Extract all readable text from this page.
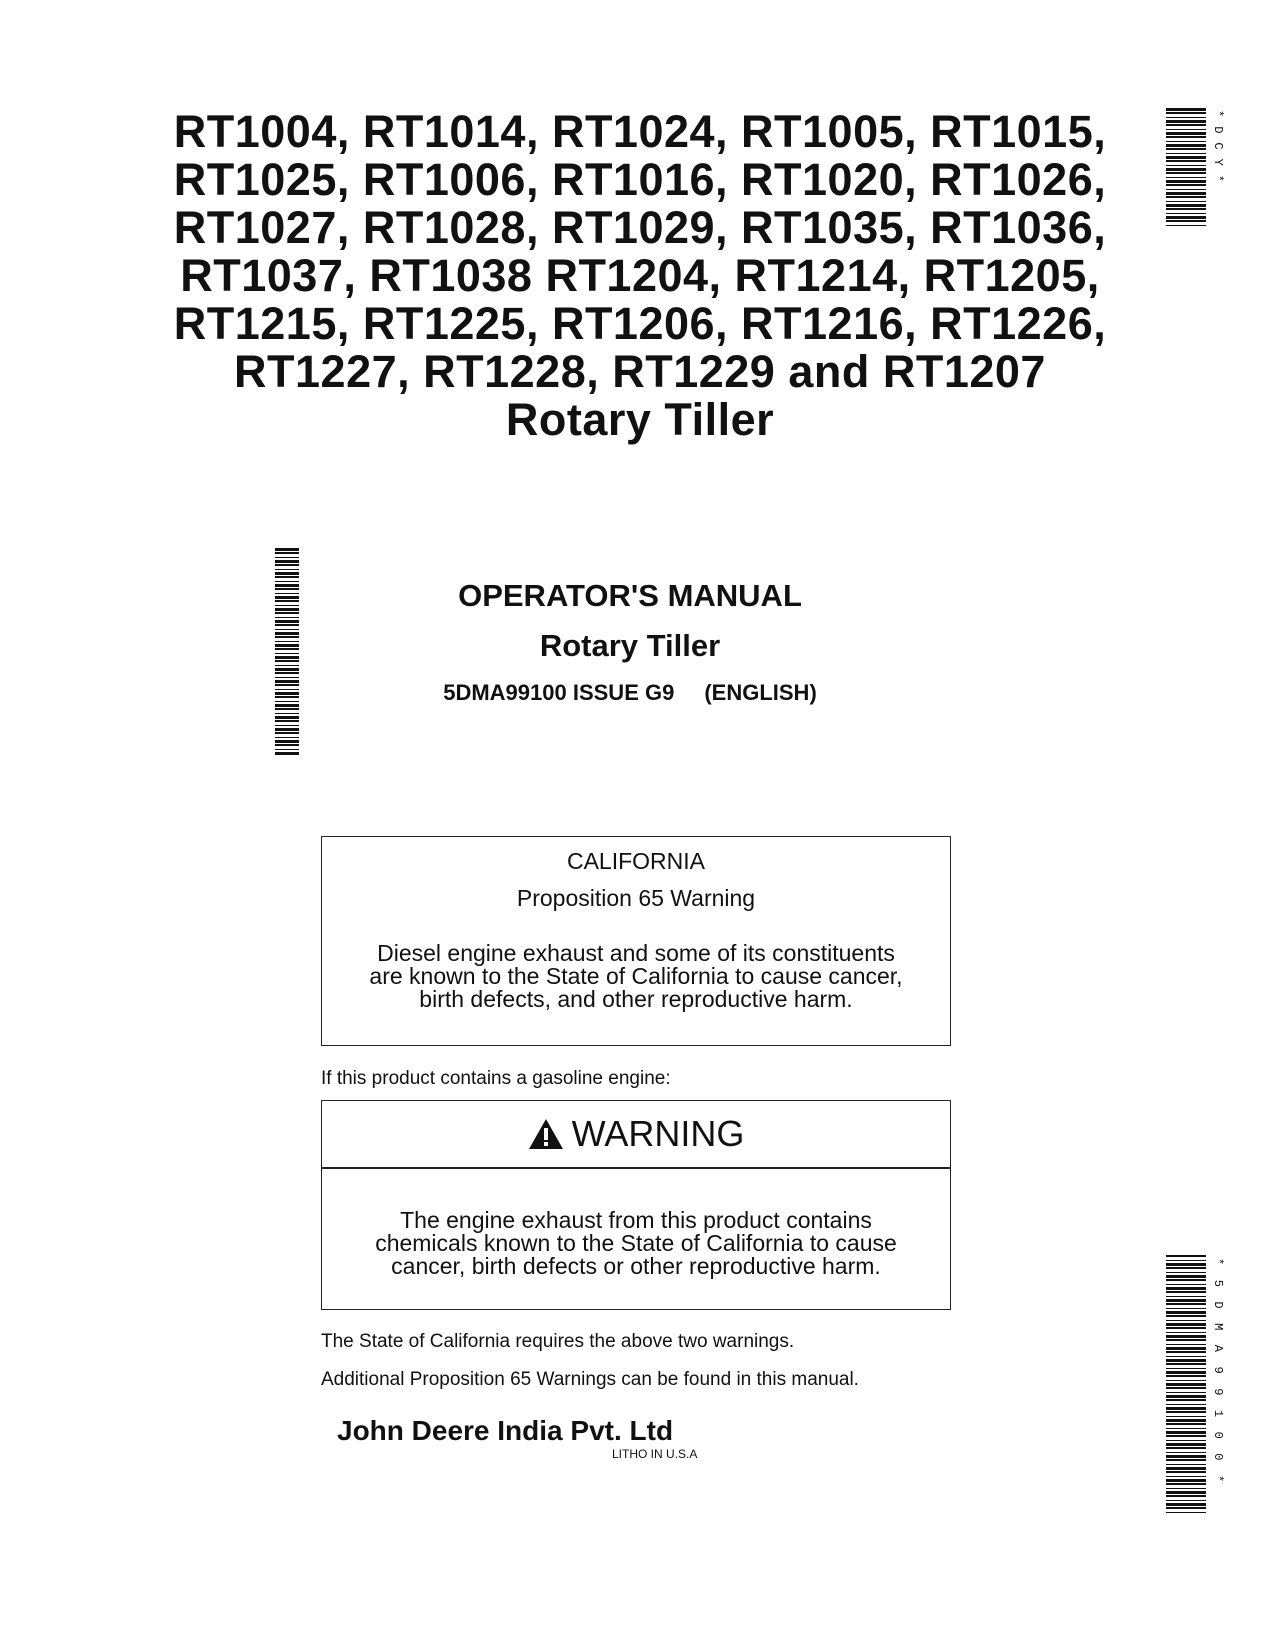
RT1004, RT1014, RT1024, RT1005, RT1015,
RT1025, RT1006, RT1016, RT1020, RT1026,
RT1027, RT1028, RT1029, RT1035, RT1036,
RT1037, RT1038 RT1204, RT1214, RT1205,
RT1215, RT1225, RT1206, RT1216, RT1226,
RT1227, RT1228, RT1229 and RT1207
Rotary Tiller
*DCY*
OPERATOR'S MANUAL
Rotary Tiller
5DMA99100 ISSUE G9 (ENGLISH)
CALIFORNIA
Proposition 65 Warning
Diesel engine exhaust and some of its constituents
are known to the State of California to cause cancer,
birth defects, and other reproductive harm.
If this product contains a gasoline engine:
WARNING
The engine exhaust from this product contains
chemicals known to the State of California to cause
cancer, birth defects or other reproductive harm.
The State of California requires the above two warnings.
Additional Proposition 65 Warnings can be found in this manual.
John Deere India Pvt. Ltd
LITHO IN U.S.A	*5DMA99100*
